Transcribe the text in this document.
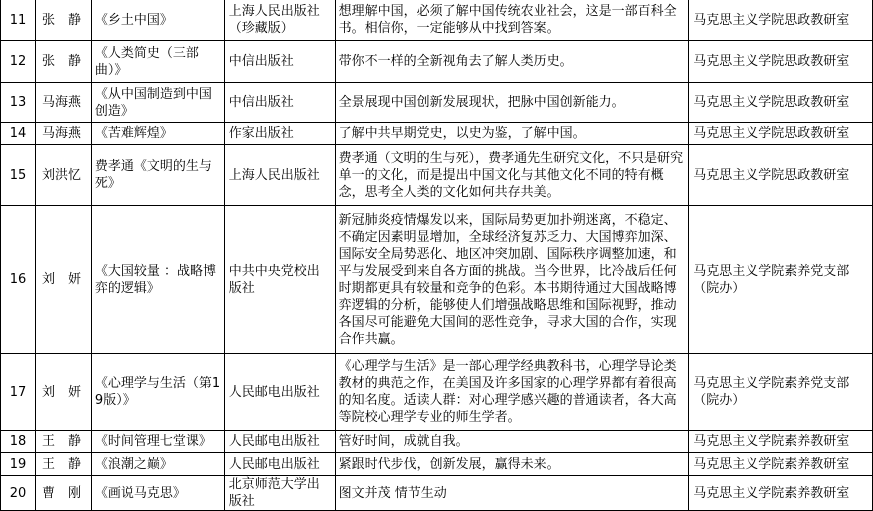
11	张　静	《乡土中国》	上海人民出版社（珍藏版）	想理解中国，必须了解中国传统农业社会，这是一部百科全书。相信你，一定能够从中找到答案。	马克思主义学院思政教研室
12	张　静	《人类简史（三部曲）》	中信出版社	带你不一样的全新视角去了解人类历史。	马克思主义学院思政教研室
13	马海燕	《从中国制造到中国创造》	中信出版社	全景展现中国创新发展现状，把脉中国创新能力。	马克思主义学院思政教研室
14	马海燕	《苦难辉煌》	作家出版社	了解中共早期党史，以史为鉴，了解中国。	马克思主义学院思政教研室
15	刘洪忆	费孝通《文明的生与死》	上海人民出版社	费孝通（文明的生与死），费孝通先生研究文化，不只是研究单一的文化，而是提出中国文化与其他文化不同的特有概念，思考全人类的文化如何共存共美。	马克思主义学院思政教研室
16	刘　妍	《大国较量 ：战略博弈的逻辑》	中共中央党校出版社	新冠肺炎疫情爆发以来，国际局势更加扑朔迷离，不稳定、不确定因素明显增加，全球经济复苏乏力、大国博弈加深、国际安全局势恶化、地区冲突加剧、国际秩序调整加速，和平与发展受到来自各方面的挑战。当今世界，比冷战后任何时期都更具有较量和竞争的色彩。本书期待通过大国战略博弈逻辑的分析，能够使人们增强战略思维和国际视野，推动各国尽可能避免大国间的恶性竞争，寻求大国的合作，实现合作共赢。	马克思主义学院素养党支部（院办）
17	刘　妍	《心理学与生活（第19版）》	人民邮电出版社	《心理学与生活》是一部心理学经典教科书，心理学导论类教材的典范之作，在美国及许多国家的心理学界都有着很高的知名度。适读人群：对心理学感兴趣的普通读者，各大高等院校心理学专业的师生学者。	马克思主义学院素养党支部（院办）
18	王　静	《时间管理七堂课》	人民邮电出版社	管好时间，成就自我。	马克思主义学院素养教研室
19	王　静	《浪潮之巅》	人民邮电出版社	紧跟时代步伐，创新发展，赢得未来。	马克思主义学院素养教研室
20	曹　刚	《画说马克思》	北京师范大学出版社	图文并茂 情节生动	马克思主义学院素养教研室
